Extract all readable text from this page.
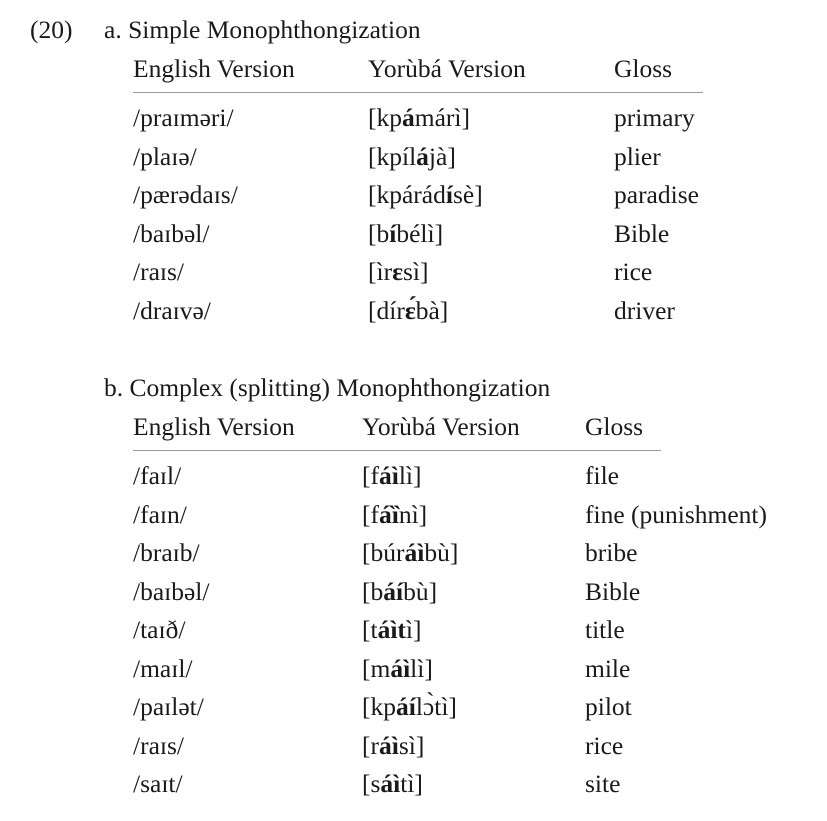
(20) a. Simple Monophthongization
English Version	Yorùbá Version	Gloss
/praɪməri/	[kpámárì]	primary
/plaɪə/	[kpílájà]	plier
/pærədaɪs/	[kpárádísè]	paradise
/baɪbəl/	[bíbélì]	Bible
/raɪs/	[ìrɛsì]	rice
/draɪvə/	[dírɛ́bà]	driver
b. Complex (splitting) Monophthongization
English Version	Yorùbá Version	Gloss
/faɪl/	[fáìlì]	file
/faɪn/	[fáȉnì]	fine (punishment)
/braɪb/	[búráìbù]	bribe
/baɪbəl/	[báíbù]	Bible
/taɪð/	[táìtì]	title
/maɪl/	[máìlì]	mile
/paɪlət/	[kpáílɔ̀tì]	pilot
/raɪs/	[ráìsì]	rice
/saɪt/	[sáìtì]	site
